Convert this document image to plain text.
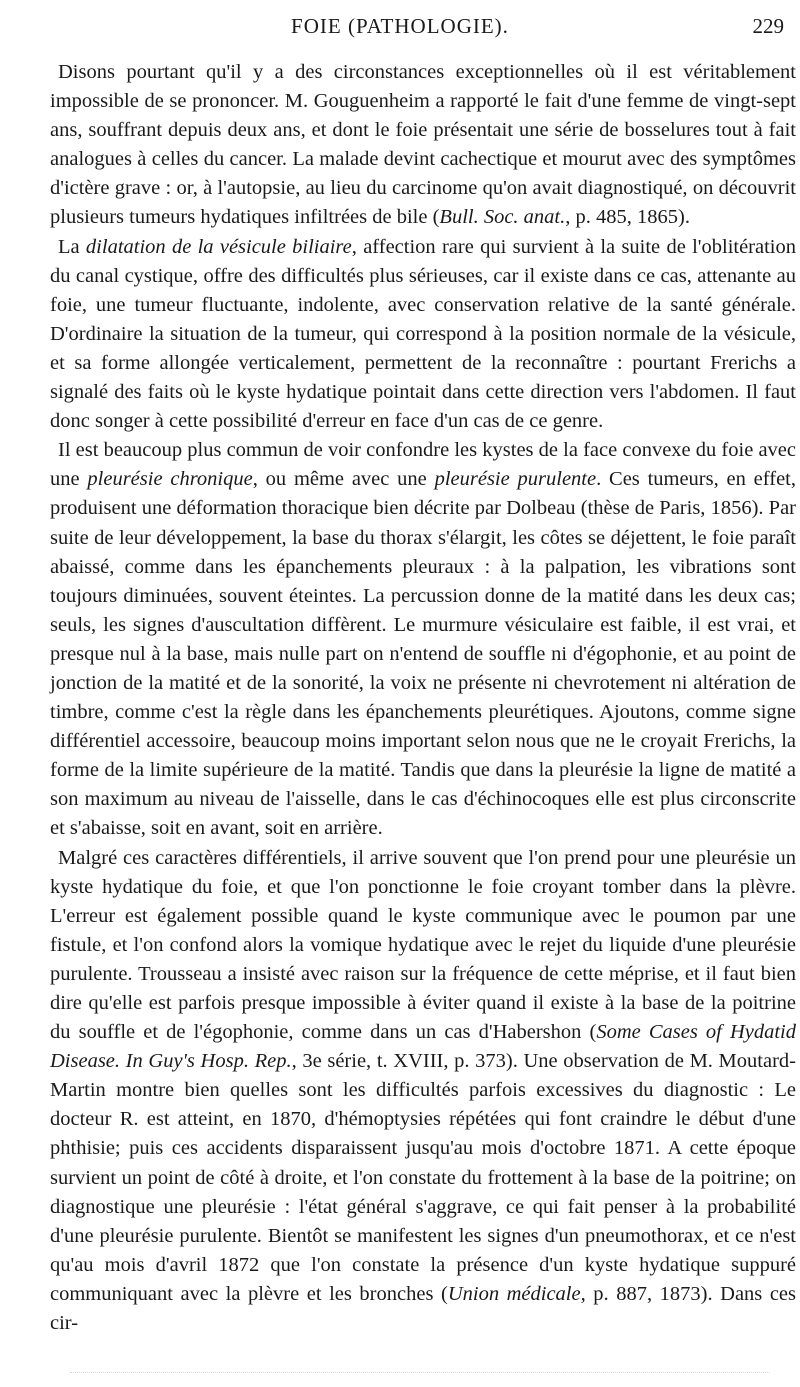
FOIE (PATHOLOGIE).	229

Disons pourtant qu'il y a des circonstances exceptionnelles où il est véritablement impossible de se prononcer. M. Gouguenheim a rapporté le fait d'une femme de vingt-sept ans, souffrant depuis deux ans, et dont le foie présentait une série de bosselures tout à fait analogues à celles du cancer. La malade devint cachectique et mourut avec des symptômes d'ictère grave : or, à l'autopsie, au lieu du carcinome qu'on avait diagnostiqué, on découvrit plusieurs tumeurs hydatiques infiltrées de bile (Bull. Soc. anat., p. 485, 1865).

La dilatation de la vésicule biliaire, affection rare qui survient à la suite de l'oblitération du canal cystique, offre des difficultés plus sérieuses, car il existe dans ce cas, attenante au foie, une tumeur fluctuante, indolente, avec conservation relative de la santé générale. D'ordinaire la situation de la tumeur, qui correspond à la position normale de la vésicule, et sa forme allongée verticalement, permettent de la reconnaître : pourtant Frerichs a signalé des faits où le kyste hydatique pointait dans cette direction vers l'abdomen. Il faut donc songer à cette possibilité d'erreur en face d'un cas de ce genre.

Il est beaucoup plus commun de voir confondre les kystes de la face convexe du foie avec une pleurésie chronique, ou même avec une pleurésie purulente. Ces tumeurs, en effet, produisent une déformation thoracique bien décrite par Dolbeau (thèse de Paris, 1856). Par suite de leur développement, la base du thorax s'élargit, les côtes se déjettent, le foie paraît abaissé, comme dans les épanchements pleuraux : à la palpation, les vibrations sont toujours diminuées, souvent éteintes. La percussion donne de la matité dans les deux cas; seuls, les signes d'auscultation diffèrent. Le murmure vésiculaire est faible, il est vrai, et presque nul à la base, mais nulle part on n'entend de souffle ni d'égophonie, et au point de jonction de la matité et de la sonorité, la voix ne présente ni chevrotement ni altération de timbre, comme c'est la règle dans les épanchements pleurétiques. Ajoutons, comme signe différentiel accessoire, beaucoup moins important selon nous que ne le croyait Frerichs, la forme de la limite supérieure de la matité. Tandis que dans la pleurésie la ligne de matité a son maximum au niveau de l'aisselle, dans le cas d'échinocoques elle est plus circonscrite et s'abaisse, soit en avant, soit en arrière.

Malgré ces caractères différentiels, il arrive souvent que l'on prend pour une pleurésie un kyste hydatique du foie, et que l'on ponctionne le foie croyant tomber dans la plèvre. L'erreur est également possible quand le kyste communique avec le poumon par une fistule, et l'on confond alors la vomique hydatique avec le rejet du liquide d'une pleurésie purulente. Trousseau a insisté avec raison sur la fréquence de cette méprise, et il faut bien dire qu'elle est parfois presque impossible à éviter quand il existe à la base de la poitrine du souffle et de l'égophonie, comme dans un cas d'Habershon (Some Cases of Hydatid Disease. In Guy's Hosp. Rep., 3e série, t. XVIII, p. 373). Une observation de M. Moutard-Martin montre bien quelles sont les difficultés parfois excessives du diagnostic : Le docteur R. est atteint, en 1870, d'hémoptysies répétées qui font craindre le début d'une phthisie; puis ces accidents disparaissent jusqu'au mois d'octobre 1871. A cette époque survient un point de côté à droite, et l'on constate du frottement à la base de la poitrine; on diagnostique une pleurésie : l'état général s'aggrave, ce qui fait penser à la probabilité d'une pleurésie purulente. Bientôt se manifestent les signes d'un pneumothorax, et ce n'est qu'au mois d'avril 1872 que l'on constate la présence d'un kyste hydatique suppuré communiquant avec la plèvre et les bronches (Union médicale, p. 887, 1873). Dans ces cir-
